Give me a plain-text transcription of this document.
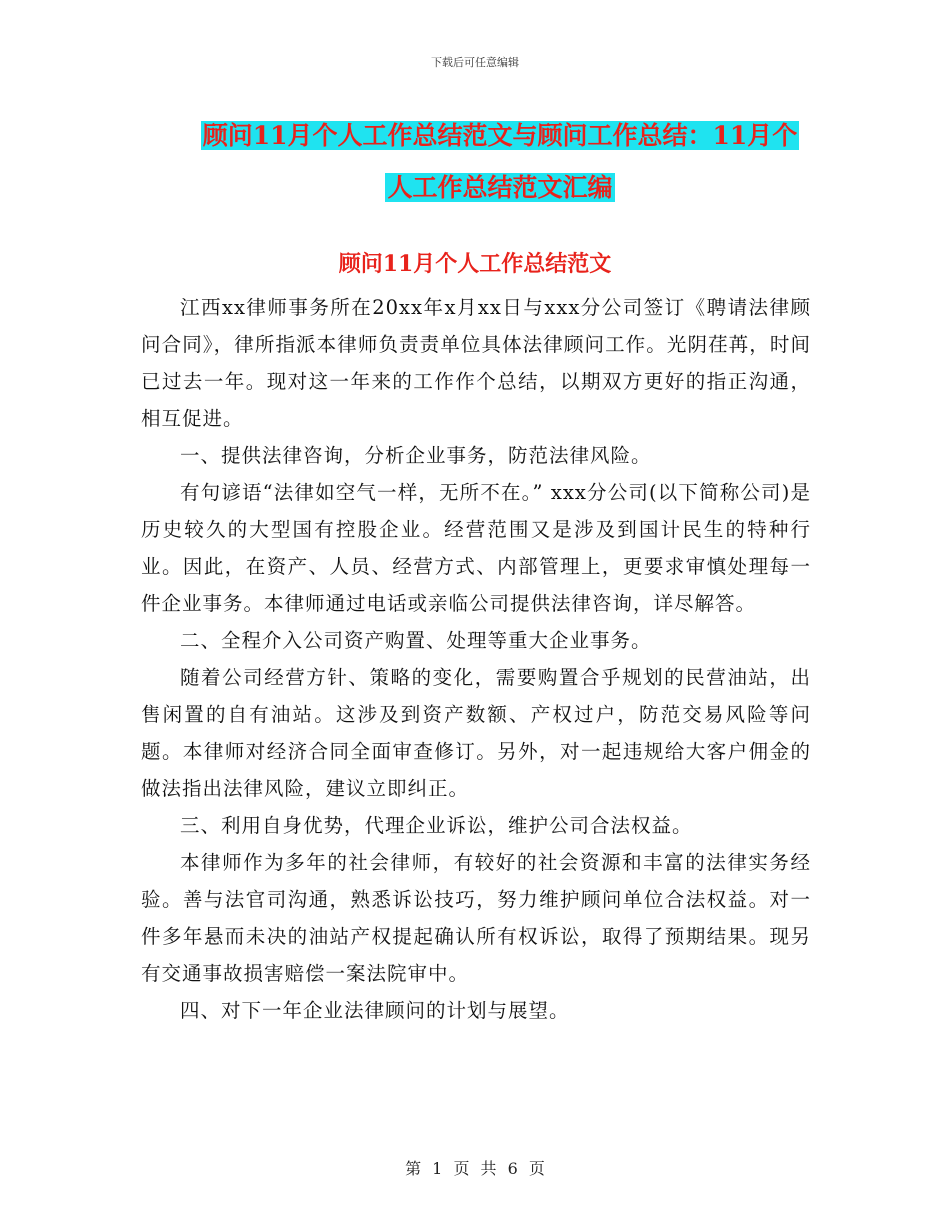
下载后可任意编辑
顾问11月个人工作总结范文与顾问工作总结：11月个
人工作总结范文汇编
顾问11月个人工作总结范文

江西xx律师事务所在20xx年x月xx日与xxx分公司签订《聘请法律顾问合同》，律所指派本律师负责责单位具体法律顾问工作。光阴荏苒，时间已过去一年。现对这一年来的工作作个总结，以期双方更好的指正沟通，相互促进。

一、提供法律咨询，分析企业事务，防范法律风险。

有句谚语“法律如空气一样，无所不在。” xxx分公司(以下简称公司)是历史较久的大型国有控股企业。经营范围又是涉及到国计民生的特种行业。因此，在资产、人员、经营方式、内部管理上，更要求审慎处理每一件企业事务。本律师通过电话或亲临公司提供法律咨询，详尽解答。

二、全程介入公司资产购置、处理等重大企业事务。

随着公司经营方针、策略的变化，需要购置合乎规划的民营油站，出售闲置的自有油站。这涉及到资产数额、产权过户，防范交易风险等问题。本律师对经济合同全面审查修订。另外，对一起违规给大客户佣金的做法指出法律风险，建议立即纠正。

三、利用自身优势，代理企业诉讼，维护公司合法权益。

本律师作为多年的社会律师，有较好的社会资源和丰富的法律实务经验。善与法官司沟通，熟悉诉讼技巧，努力维护顾问单位合法权益。对一件多年悬而未决的油站产权提起确认所有权诉讼，取得了预期结果。现另有交通事故损害赔偿一案法院审中。

四、对下一年企业法律顾问的计划与展望。

第 1 页 共 6 页
